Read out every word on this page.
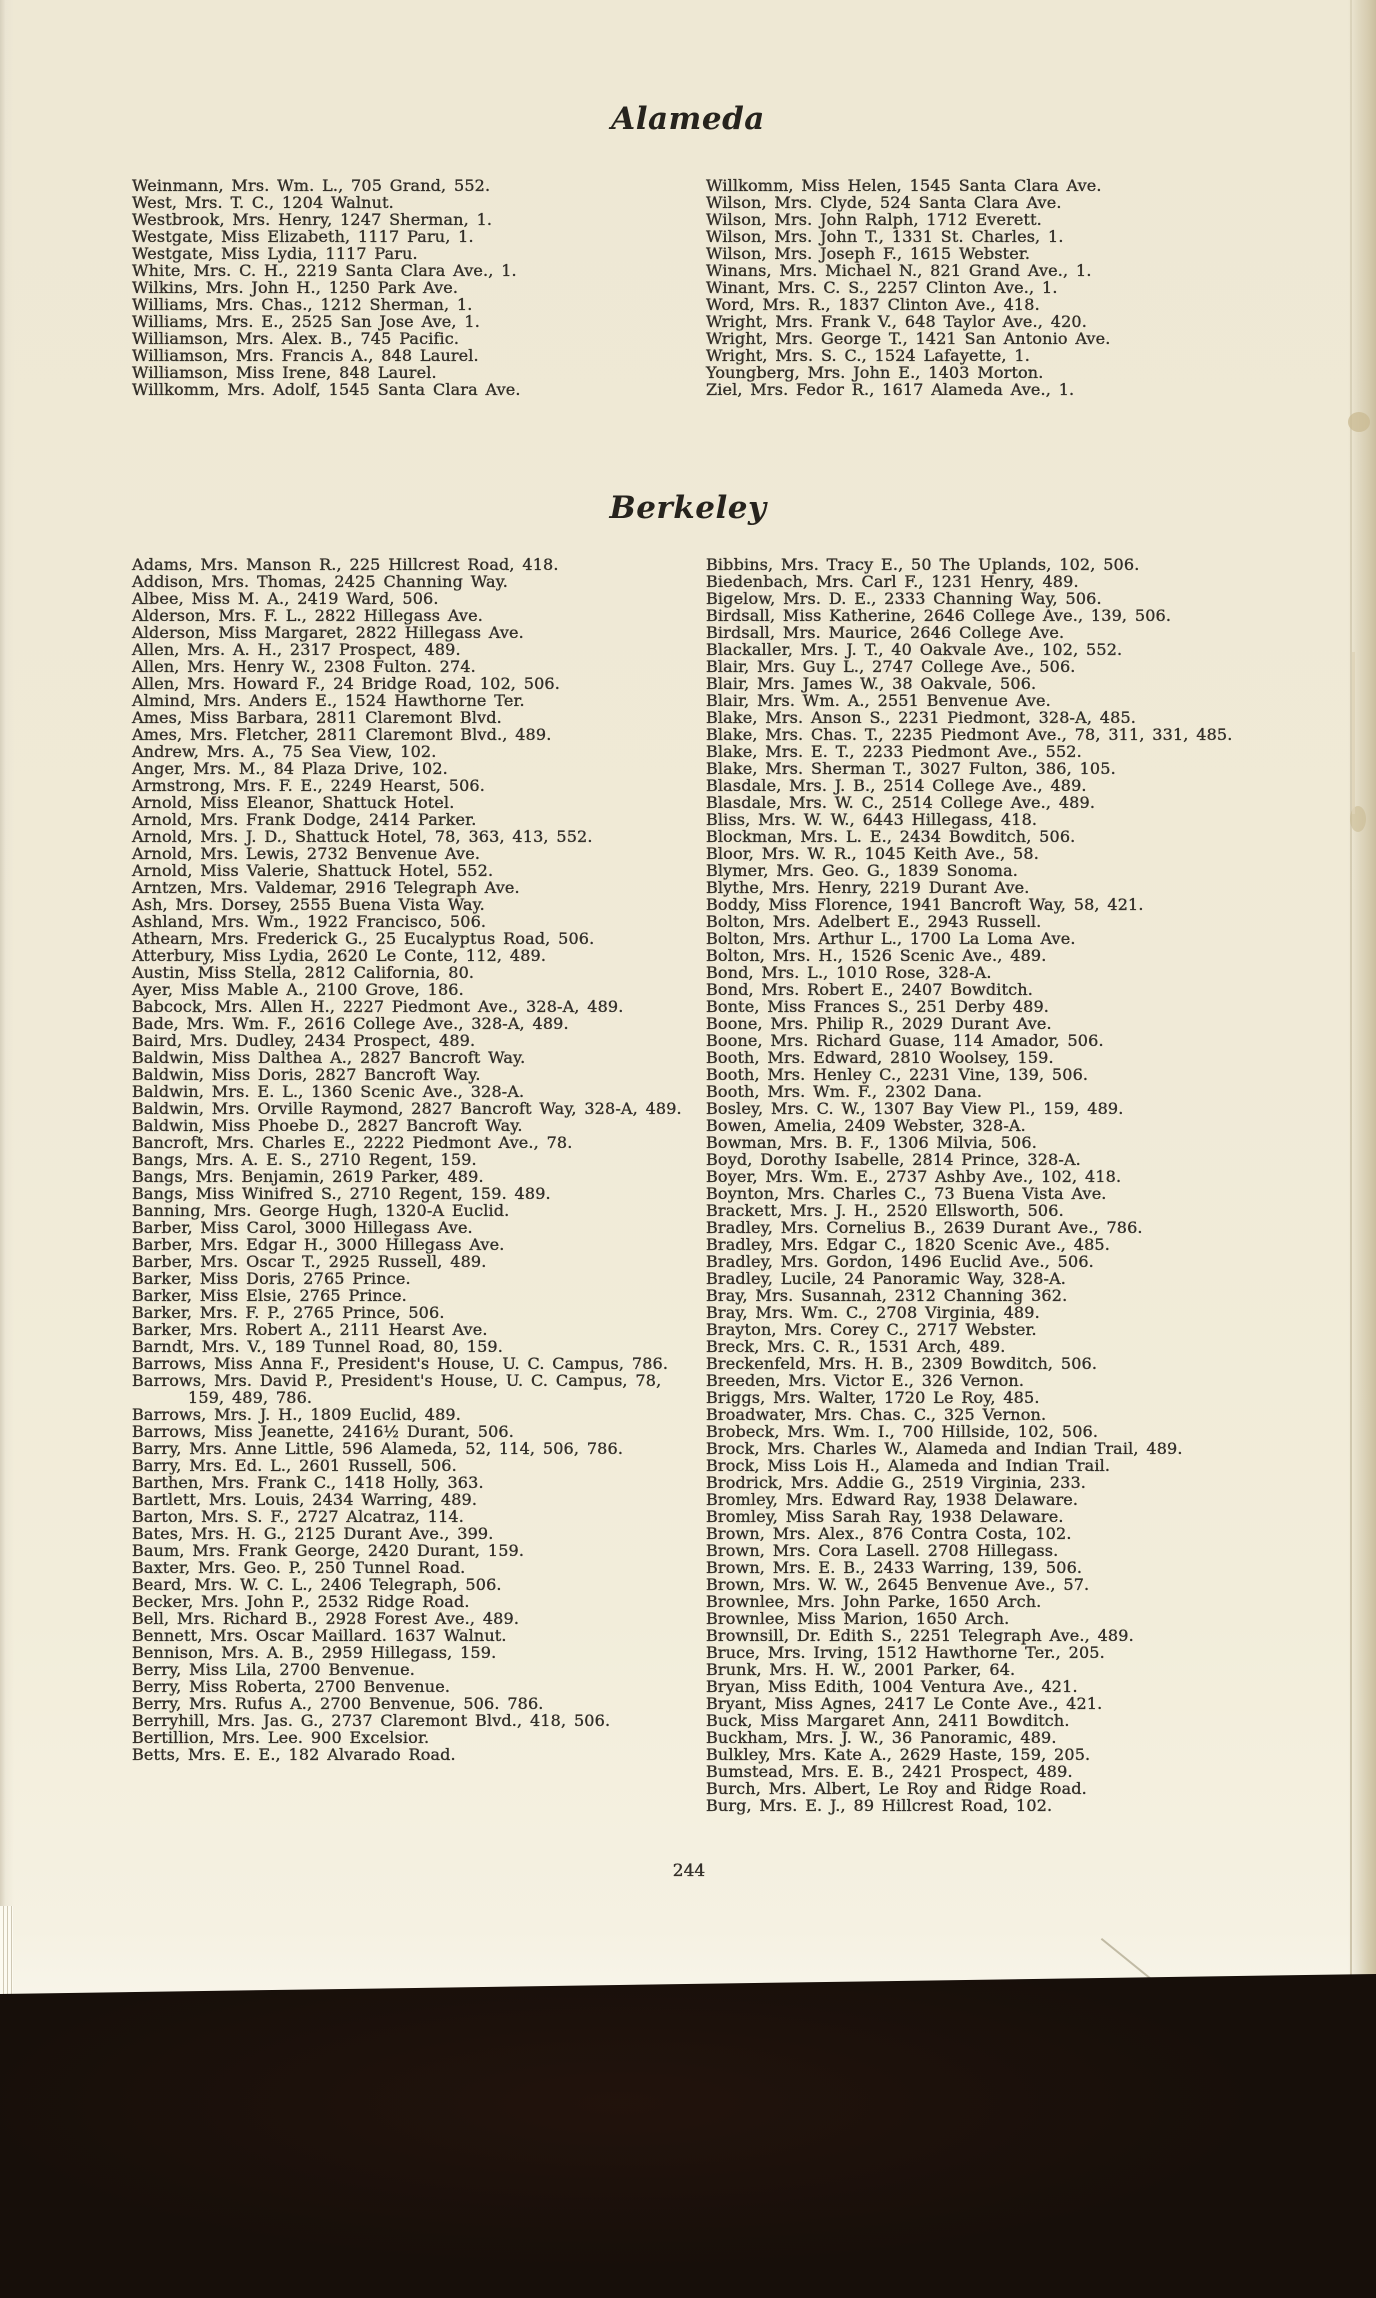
Alameda

Weinmann, Mrs. Wm. L., 705 Grand, 552.

West, Mrs. T. C., 1204 Walnut.

Westbrook, Mrs. Henry, 1247 Sherman, 1.

Westgate, Miss Elizabeth, 1117 Paru, 1.

Westgate, Miss Lydia, 1117 Paru.

White, Mrs. C. H., 2219 Santa Clara Ave., 1.

Wilkins, Mrs. John H., 1250 Park Ave.

Williams, Mrs. Chas., 1212 Sherman, 1.

Williams, Mrs. E., 2525 San Jose Ave, 1.

Williamson, Mrs. Alex. B., 745 Pacific.

Williamson, Mrs. Francis A., 848 Laurel.

Williamson, Miss Irene, 848 Laurel.

Willkomm, Mrs. Adolf, 1545 Santa Clara Ave.

Willkomm, Miss Helen, 1545 Santa Clara Ave.

Wilson, Mrs. Clyde, 524 Santa Clara Ave.

Wilson, Mrs. John Ralph, 1712 Everett.

Wilson, Mrs. John T., 1331 St. Charles, 1.

Wilson, Mrs. Joseph F., 1615 Webster.

Winans, Mrs. Michael N., 821 Grand Ave., 1.

Winant, Mrs. C. S., 2257 Clinton Ave., 1.

Word, Mrs. R., 1837 Clinton Ave., 418.

Wright, Mrs. Frank V., 648 Taylor Ave., 420.

Wright, Mrs. George T., 1421 San Antonio Ave.

Wright, Mrs. S. C., 1524 Lafayette, 1.

Youngberg, Mrs. John E., 1403 Morton.

Ziel, Mrs. Fedor R., 1617 Alameda Ave., 1.

Berkeley

Adams, Mrs. Manson R., 225 Hillcrest Road, 418.

Addison, Mrs. Thomas, 2425 Channing Way.

Albee, Miss M. A., 2419 Ward, 506.

Alderson, Mrs. F. L., 2822 Hillegass Ave.

Alderson, Miss Margaret, 2822 Hillegass Ave.

Allen, Mrs. A. H., 2317 Prospect, 489.

Allen, Mrs. Henry W., 2308 Fulton. 274.

Allen, Mrs. Howard F., 24 Bridge Road, 102, 506.

Almind, Mrs. Anders E., 1524 Hawthorne Ter.

Ames, Miss Barbara, 2811 Claremont Blvd.

Ames, Mrs. Fletcher, 2811 Claremont Blvd., 489.

Andrew, Mrs. A., 75 Sea View, 102.

Anger, Mrs. M., 84 Plaza Drive, 102.

Armstrong, Mrs. F. E., 2249 Hearst, 506.

Arnold, Miss Eleanor, Shattuck Hotel.

Arnold, Mrs. Frank Dodge, 2414 Parker.

Arnold, Mrs. J. D., Shattuck Hotel, 78, 363, 413, 552.

Arnold, Mrs. Lewis, 2732 Benvenue Ave.

Arnold, Miss Valerie, Shattuck Hotel, 552.

Arntzen, Mrs. Valdemar, 2916 Telegraph Ave.

Ash, Mrs. Dorsey, 2555 Buena Vista Way.

Ashland, Mrs. Wm., 1922 Francisco, 506.

Athearn, Mrs. Frederick G., 25 Eucalyptus Road, 506.

Atterbury, Miss Lydia, 2620 Le Conte, 112, 489.

Austin, Miss Stella, 2812 California, 80.

Ayer, Miss Mable A., 2100 Grove, 186.

Babcock, Mrs. Allen H., 2227 Piedmont Ave., 328-A, 489.

Bade, Mrs. Wm. F., 2616 College Ave., 328-A, 489.

Baird, Mrs. Dudley, 2434 Prospect, 489.

Baldwin, Miss Dalthea A., 2827 Bancroft Way.

Baldwin, Miss Doris, 2827 Bancroft Way.

Baldwin, Mrs. E. L., 1360 Scenic Ave., 328-A.

Baldwin, Mrs. Orville Raymond, 2827 Bancroft Way, 328-A, 489.

Baldwin, Miss Phoebe D., 2827 Bancroft Way.

Bancroft, Mrs. Charles E., 2222 Piedmont Ave., 78.

Bangs, Mrs. A. E. S., 2710 Regent, 159.

Bangs, Mrs. Benjamin, 2619 Parker, 489.

Bangs, Miss Winifred S., 2710 Regent, 159. 489.

Banning, Mrs. George Hugh, 1320-A Euclid.

Barber, Miss Carol, 3000 Hillegass Ave.

Barber, Mrs. Edgar H., 3000 Hillegass Ave.

Barber, Mrs. Oscar T., 2925 Russell, 489.

Barker, Miss Doris, 2765 Prince.

Barker, Miss Elsie, 2765 Prince.

Barker, Mrs. F. P., 2765 Prince, 506.

Barker, Mrs. Robert A., 2111 Hearst Ave.

Barndt, Mrs. V., 189 Tunnel Road, 80, 159.

Barrows, Miss Anna F., President's House, U. C. Campus, 786.

Barrows, Mrs. David P., President's House, U. C. Campus, 78, 159, 489, 786.

Barrows, Mrs. J. H., 1809 Euclid, 489.

Barrows, Miss Jeanette, 2416½ Durant, 506.

Barry, Mrs. Anne Little, 596 Alameda, 52, 114, 506, 786.

Barry, Mrs. Ed. L., 2601 Russell, 506.

Barthen, Mrs. Frank C., 1418 Holly, 363.

Bartlett, Mrs. Louis, 2434 Warring, 489.

Barton, Mrs. S. F., 2727 Alcatraz, 114.

Bates, Mrs. H. G., 2125 Durant Ave., 399.

Baum, Mrs. Frank George, 2420 Durant, 159.

Baxter, Mrs. Geo. P., 250 Tunnel Road.

Beard, Mrs. W. C. L., 2406 Telegraph, 506.

Becker, Mrs. John P., 2532 Ridge Road.

Bell, Mrs. Richard B., 2928 Forest Ave., 489.

Bennett, Mrs. Oscar Maillard. 1637 Walnut.

Bennison, Mrs. A. B., 2959 Hillegass, 159.

Berry, Miss Lila, 2700 Benvenue.

Berry, Miss Roberta, 2700 Benvenue.

Berry, Mrs. Rufus A., 2700 Benvenue, 506. 786.

Berryhill, Mrs. Jas. G., 2737 Claremont Blvd., 418, 506.

Bertillion, Mrs. Lee. 900 Excelsior.

Betts, Mrs. E. E., 182 Alvarado Road.

Bibbins, Mrs. Tracy E., 50 The Uplands, 102, 506.

Biedenbach, Mrs. Carl F., 1231 Henry, 489.

Bigelow, Mrs. D. E., 2333 Channing Way, 506.

Birdsall, Miss Katherine, 2646 College Ave., 139, 506.

Birdsall, Mrs. Maurice, 2646 College Ave.

Blackaller, Mrs. J. T., 40 Oakvale Ave., 102, 552.

Blair, Mrs. Guy L., 2747 College Ave., 506.

Blair, Mrs. James W., 38 Oakvale, 506.

Blair, Mrs. Wm. A., 2551 Benvenue Ave.

Blake, Mrs. Anson S., 2231 Piedmont, 328-A, 485.

Blake, Mrs. Chas. T., 2235 Piedmont Ave., 78, 311, 331, 485.

Blake, Mrs. E. T., 2233 Piedmont Ave., 552.

Blake, Mrs. Sherman T., 3027 Fulton, 386, 105.

Blasdale, Mrs. J. B., 2514 College Ave., 489.

Blasdale, Mrs. W. C., 2514 College Ave., 489.

Bliss, Mrs. W. W., 6443 Hillegass, 418.

Blockman, Mrs. L. E., 2434 Bowditch, 506.

Bloor, Mrs. W. R., 1045 Keith Ave., 58.

Blymer, Mrs. Geo. G., 1839 Sonoma.

Blythe, Mrs. Henry, 2219 Durant Ave.

Boddy, Miss Florence, 1941 Bancroft Way, 58, 421.

Bolton, Mrs. Adelbert E., 2943 Russell.

Bolton, Mrs. Arthur L., 1700 La Loma Ave.

Bolton, Mrs. H., 1526 Scenic Ave., 489.

Bond, Mrs. L., 1010 Rose, 328-A.

Bond, Mrs. Robert E., 2407 Bowditch.

Bonte, Miss Frances S., 251 Derby 489.

Boone, Mrs. Philip R., 2029 Durant Ave.

Boone, Mrs. Richard Guase, 114 Amador, 506.

Booth, Mrs. Edward, 2810 Woolsey, 159.

Booth, Mrs. Henley C., 2231 Vine, 139, 506.

Booth, Mrs. Wm. F., 2302 Dana.

Bosley, Mrs. C. W., 1307 Bay View Pl., 159, 489.

Bowen, Amelia, 2409 Webster, 328-A.

Bowman, Mrs. B. F., 1306 Milvia, 506.

Boyd, Dorothy Isabelle, 2814 Prince, 328-A.

Boyer, Mrs. Wm. E., 2737 Ashby Ave., 102, 418.

Boynton, Mrs. Charles C., 73 Buena Vista Ave.

Brackett, Mrs. J. H., 2520 Ellsworth, 506.

Bradley, Mrs. Cornelius B., 2639 Durant Ave., 786.

Bradley, Mrs. Edgar C., 1820 Scenic Ave., 485.

Bradley, Mrs. Gordon, 1496 Euclid Ave., 506.

Bradley, Lucile, 24 Panoramic Way, 328-A.

Bray, Mrs. Susannah, 2312 Channing 362.

Bray, Mrs. Wm. C., 2708 Virginia, 489.

Brayton, Mrs. Corey C., 2717 Webster.

Breck, Mrs. C. R., 1531 Arch, 489.

Breckenfeld, Mrs. H. B., 2309 Bowditch, 506.

Breeden, Mrs. Victor E., 326 Vernon.

Briggs, Mrs. Walter, 1720 Le Roy, 485.

Broadwater, Mrs. Chas. C., 325 Vernon.

Brobeck, Mrs. Wm. I., 700 Hillside, 102, 506.

Brock, Mrs. Charles W., Alameda and Indian Trail, 489.

Brock, Miss Lois H., Alameda and Indian Trail.

Brodrick, Mrs. Addie G., 2519 Virginia, 233.

Bromley, Mrs. Edward Ray, 1938 Delaware.

Bromley, Miss Sarah Ray, 1938 Delaware.

Brown, Mrs. Alex., 876 Contra Costa, 102.

Brown, Mrs. Cora Lasell. 2708 Hillegass.

Brown, Mrs. E. B., 2433 Warring, 139, 506.

Brown, Mrs. W. W., 2645 Benvenue Ave., 57.

Brownlee, Mrs. John Parke, 1650 Arch.

Brownlee, Miss Marion, 1650 Arch.

Brownsill, Dr. Edith S., 2251 Telegraph Ave., 489.

Bruce, Mrs. Irving, 1512 Hawthorne Ter., 205.

Brunk, Mrs. H. W., 2001 Parker, 64.

Bryan, Miss Edith, 1004 Ventura Ave., 421.

Bryant, Miss Agnes, 2417 Le Conte Ave., 421.

Buck, Miss Margaret Ann, 2411 Bowditch.

Buckham, Mrs. J. W., 36 Panoramic, 489.

Bulkley, Mrs. Kate A., 2629 Haste, 159, 205.

Bumstead, Mrs. E. B., 2421 Prospect, 489.

Burch, Mrs. Albert, Le Roy and Ridge Road.

Burg, Mrs. E. J., 89 Hillcrest Road, 102.

244
